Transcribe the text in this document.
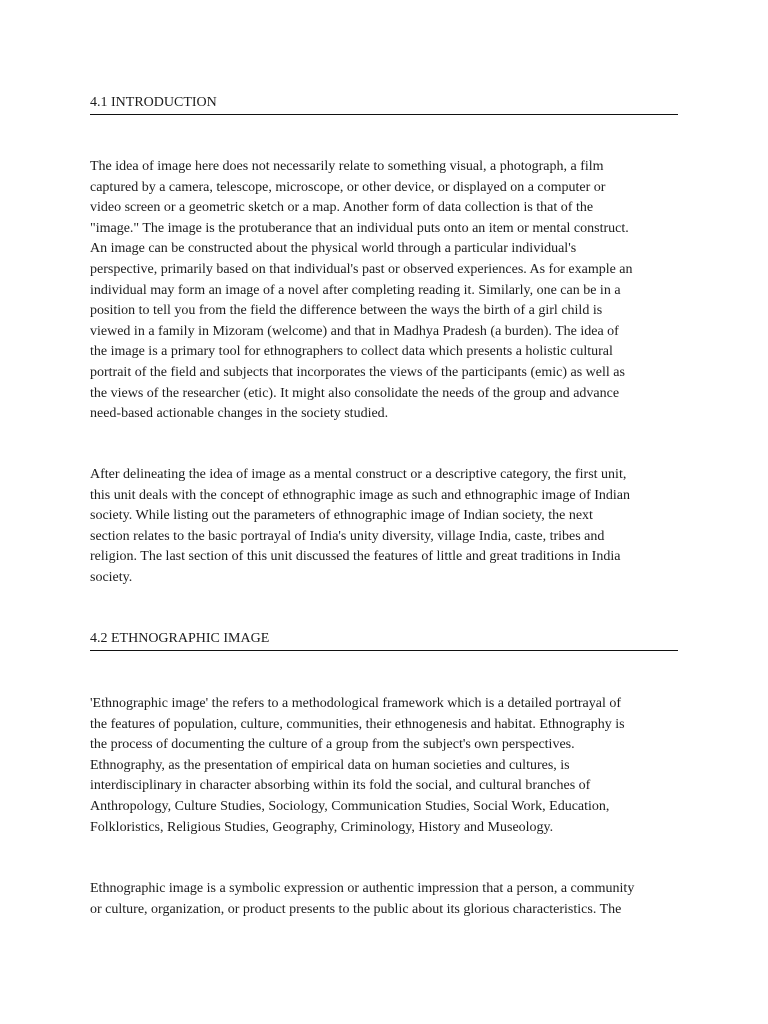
4.1 INTRODUCTION

The idea of image here does not necessarily relate to something visual, a photograph, a film
captured by a camera, telescope, microscope, or other device, or displayed on a computer or
video screen or a geometric sketch or a map. Another form of data collection is that of the
"image." The image is the protuberance that an individual puts onto an item or mental construct.
An image can be constructed about the physical world through a particular individual's
perspective, primarily based on that individual's past or observed experiences. As for example an
individual may form an image of a novel after completing reading it. Similarly, one can be in a
position to tell you from the field the difference between the ways the birth of a girl child is
viewed in a family in Mizoram (welcome) and that in Madhya Pradesh (a burden). The idea of
the image is a primary tool for ethnographers to collect data which presents a holistic cultural
portrait of the field and subjects that incorporates the views of the participants (emic) as well as
the views of the researcher (etic). It might also consolidate the needs of the group and advance
need-based actionable changes in the society studied.

After delineating the idea of image as a mental construct or a descriptive category, the first unit,
this unit deals with the concept of ethnographic image as such and ethnographic image of Indian
society. While listing out the parameters of ethnographic image of Indian society, the next
section relates to the basic portrayal of India's unity diversity, village India, caste, tribes and
religion. The last section of this unit discussed the features of little and great traditions in India
society.

4.2 ETHNOGRAPHIC IMAGE

'Ethnographic image' the refers to a methodological framework which is a detailed portrayal of
the features of population, culture, communities, their ethnogenesis and habitat. Ethnography is
the process of documenting the culture of a group from the subject's own perspectives.
Ethnography, as the presentation of empirical data on human societies and cultures, is
interdisciplinary in character absorbing within its fold the social, and cultural branches of
Anthropology, Culture Studies, Sociology, Communication Studies, Social Work, Education,
Folkloristics, Religious Studies, Geography, Criminology, History and Museology.

Ethnographic image is a symbolic expression or authentic impression that a person, a community
or culture, organization, or product presents to the public about its glorious characteristics. The
